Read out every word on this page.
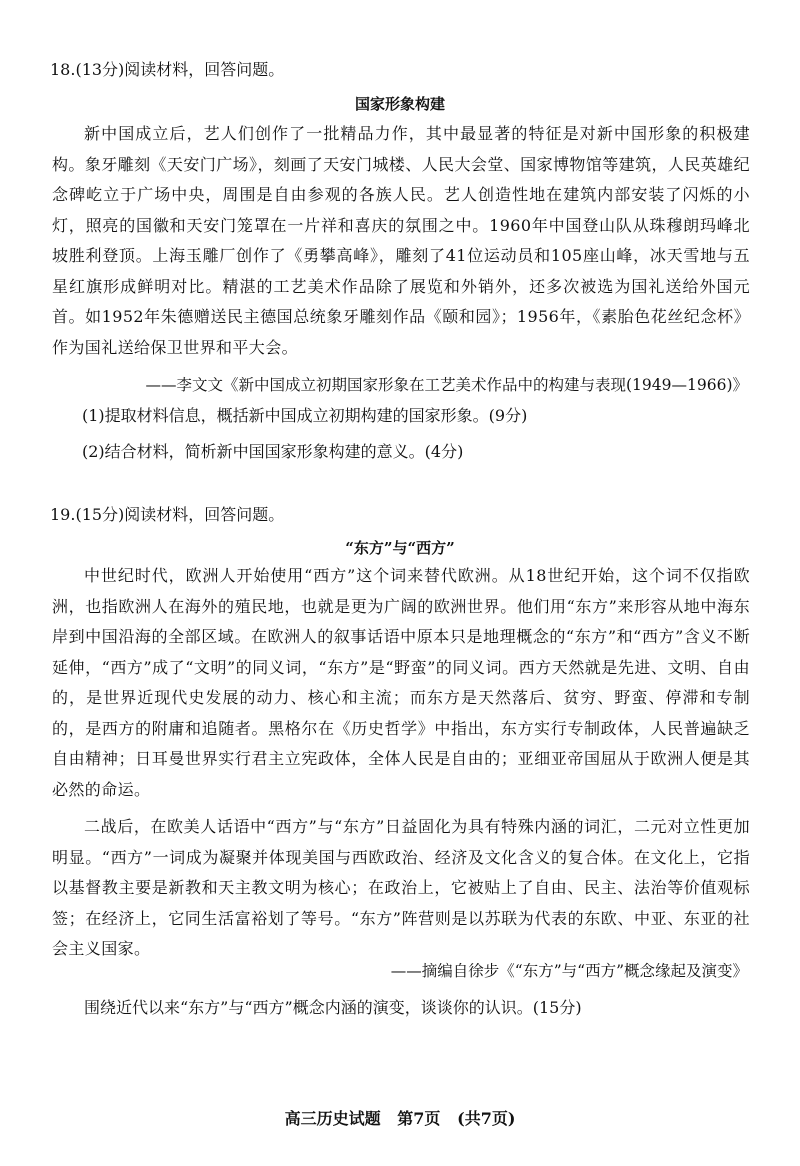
18.(13分)阅读材料，回答问题。
国家形象构建
新中国成立后，艺人们创作了一批精品力作，其中最显著的特征是对新中国形象的积极建构。象牙雕刻《天安门广场》，刻画了天安门城楼、人民大会堂、国家博物馆等建筑，人民英雄纪念碑屹立于广场中央，周围是自由参观的各族人民。艺人创造性地在建筑内部安装了闪烁的小灯，照亮的国徽和天安门笼罩在一片祥和喜庆的氛围之中。1960年中国登山队从珠穆朗玛峰北坡胜利登顶。上海玉雕厂创作了《勇攀高峰》，雕刻了41位运动员和105座山峰，冰天雪地与五星红旗形成鲜明对比。精湛的工艺美术作品除了展览和外销外，还多次被选为国礼送给外国元首。如1952年朱德赠送民主德国总统象牙雕刻作品《颐和园》；1956年，《素胎色花丝纪念杯》作为国礼送给保卫世界和平大会。
——李文文《新中国成立初期国家形象在工艺美术作品中的构建与表现(1949—1966)》
(1)提取材料信息，概括新中国成立初期构建的国家形象。(9分)
(2)结合材料，简析新中国国家形象构建的意义。(4分)
19.(15分)阅读材料，回答问题。
“东方”与“西方”
中世纪时代，欧洲人开始使用“西方”这个词来替代欧洲。从18世纪开始，这个词不仅指欧洲，也指欧洲人在海外的殖民地，也就是更为广阔的欧洲世界。他们用“东方”来形容从地中海东岸到中国沿海的全部区域。在欧洲人的叙事话语中原本只是地理概念的“东方”和“西方”含义不断延伸，“西方”成了“文明”的同义词，“东方”是“野蛮”的同义词。西方天然就是先进、文明、自由的，是世界近现代史发展的动力、核心和主流；而东方是天然落后、贫穷、野蛮、停滞和专制的，是西方的附庸和追随者。黑格尔在《历史哲学》中指出，东方实行专制政体，人民普遍缺乏自由精神；日耳曼世界实行君主立宪政体，全体人民是自由的；亚细亚帝国屈从于欧洲人便是其必然的命运。
二战后，在欧美人话语中“西方”与“东方”日益固化为具有特殊内涵的词汇，二元对立性更加明显。“西方”一词成为凝聚并体现美国与西欧政治、经济及文化含义的复合体。在文化上，它指以基督教主要是新教和天主教文明为核心；在政治上，它被贴上了自由、民主、法治等价值观标签；在经济上，它同生活富裕划了等号。“东方”阵营则是以苏联为代表的东欧、中亚、东亚的社会主义国家。
——摘编自徐步《“东方”与“西方”概念缘起及演变》
围绕近代以来“东方”与“西方”概念内涵的演变，谈谈你的认识。(15分)
高三历史试题   第7页   (共7页)
